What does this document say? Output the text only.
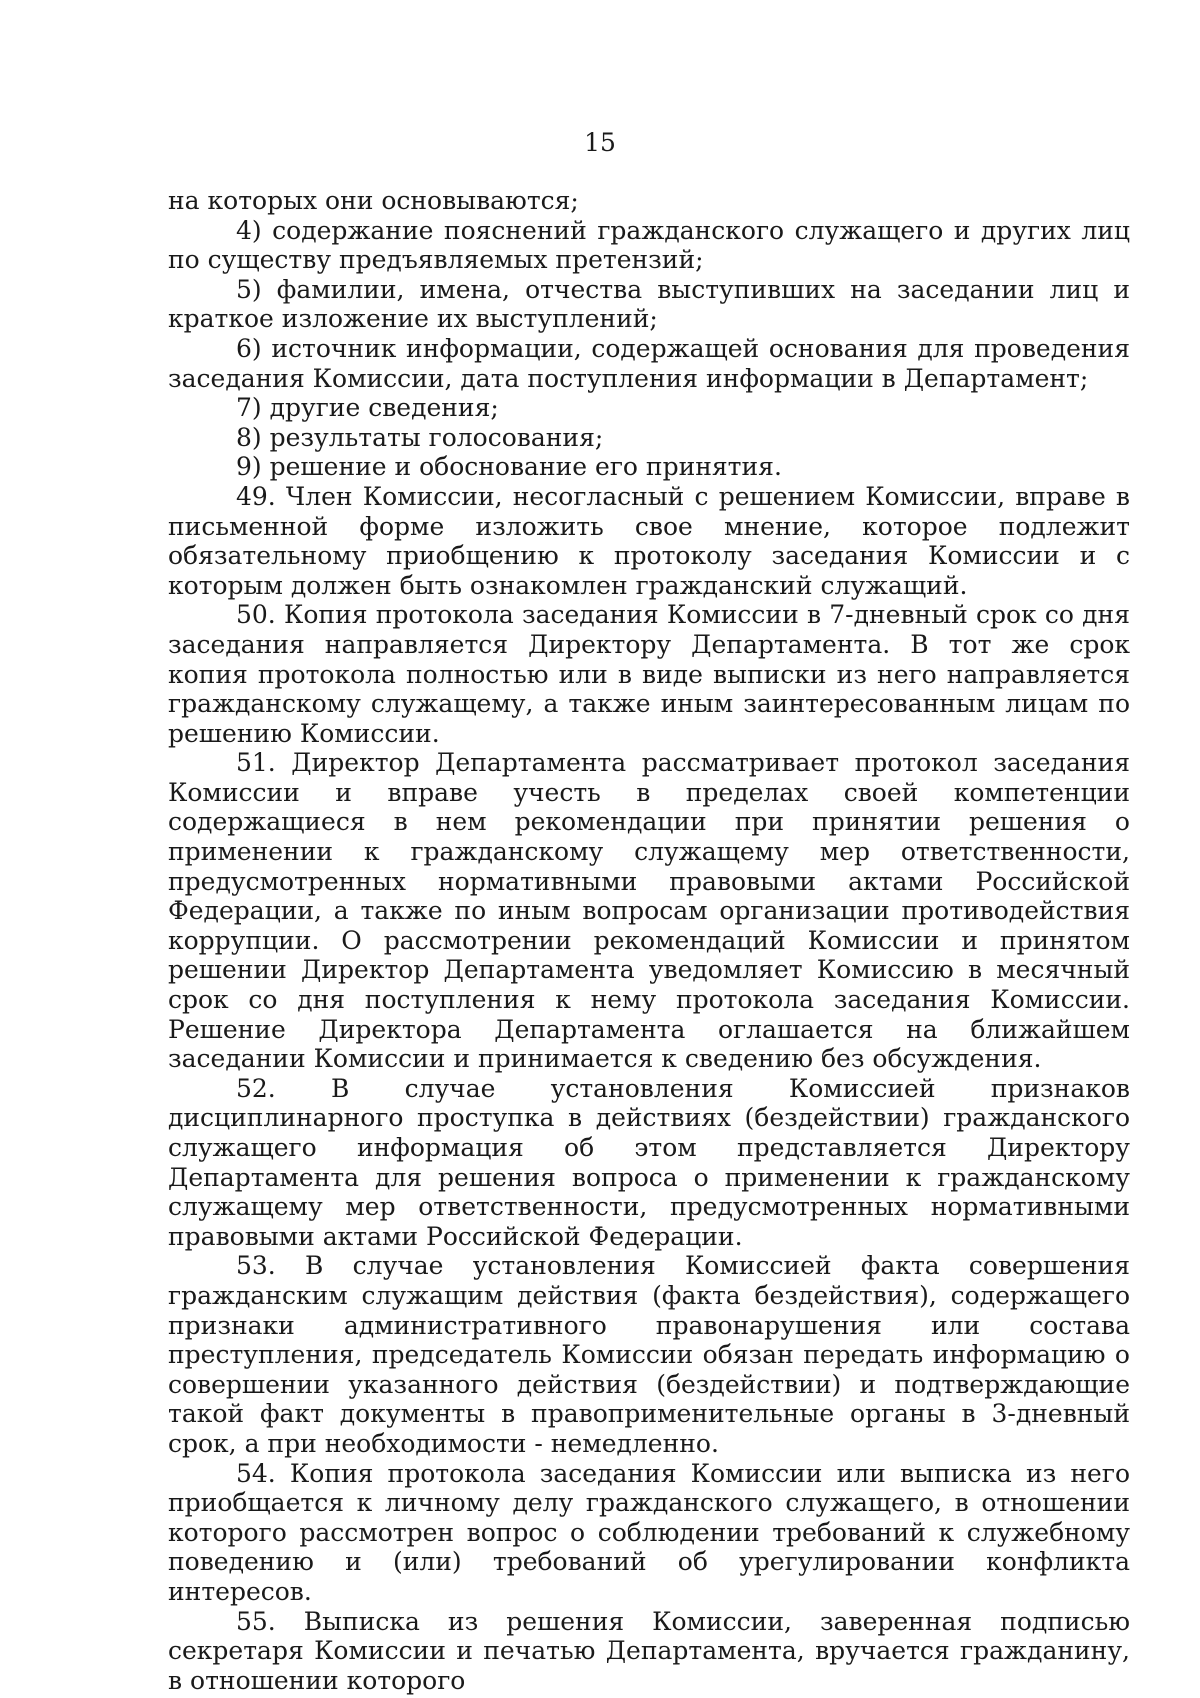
15

на которых они основываются;

4) содержание пояснений гражданского служащего и других лиц по существу предъявляемых претензий;

5) фамилии, имена, отчества выступивших на заседании лиц и краткое изложение их выступлений;

6) источник информации, содержащей основания для проведения заседания Комиссии, дата поступления информации в Департамент;

7) другие сведения;

8) результаты голосования;

9) решение и обоснование его принятия.

49. Член Комиссии, несогласный с решением Комиссии, вправе в письменной форме изложить свое мнение, которое подлежит обязательному приобщению к протоколу заседания Комиссии и с которым должен быть ознакомлен гражданский служащий.

50. Копия протокола заседания Комиссии в 7-дневный срок со дня заседания направляется Директору Департамента. В тот же срок копия протокола полностью или в виде выписки из него направляется гражданскому служащему, а также иным заинтересованным лицам по решению Комиссии.

51. Директор Департамента рассматривает протокол заседания Комиссии и вправе учесть в пределах своей компетенции содержащиеся в нем рекомендации при принятии решения о применении к гражданскому служащему мер ответственности, предусмотренных нормативными правовыми актами Российской Федерации, а также по иным вопросам организации противодействия коррупции. О рассмотрении рекомендаций Комиссии и принятом решении Директор Департамента уведомляет Комиссию в месячный срок со дня поступления к нему протокола заседания Комиссии. Решение Директора Департамента оглашается на ближайшем заседании Комиссии и принимается к сведению без обсуждения.

52. В случае установления Комиссией признаков дисциплинарного проступка в действиях (бездействии) гражданского служащего информация об этом представляется Директору Департамента для решения вопроса о применении к гражданскому служащему мер ответственности, предусмотренных нормативными правовыми актами Российской Федерации.

53. В случае установления Комиссией факта совершения гражданским служащим действия (факта бездействия), содержащего признаки административного правонарушения или состава преступления, председатель Комиссии обязан передать информацию о совершении указанного действия (бездействии) и подтверждающие такой факт документы в правоприменительные органы в 3-дневный срок, а при необходимости - немедленно.

54. Копия протокола заседания Комиссии или выписка из него приобщается к личному делу гражданского служащего, в отношении которого рассмотрен вопрос о соблюдении требований к служебному поведению и (или) требований об урегулировании конфликта интересов.

55. Выписка из решения Комиссии, заверенная подписью секретаря Комиссии и печатью Департамента, вручается гражданину, в отношении которого
